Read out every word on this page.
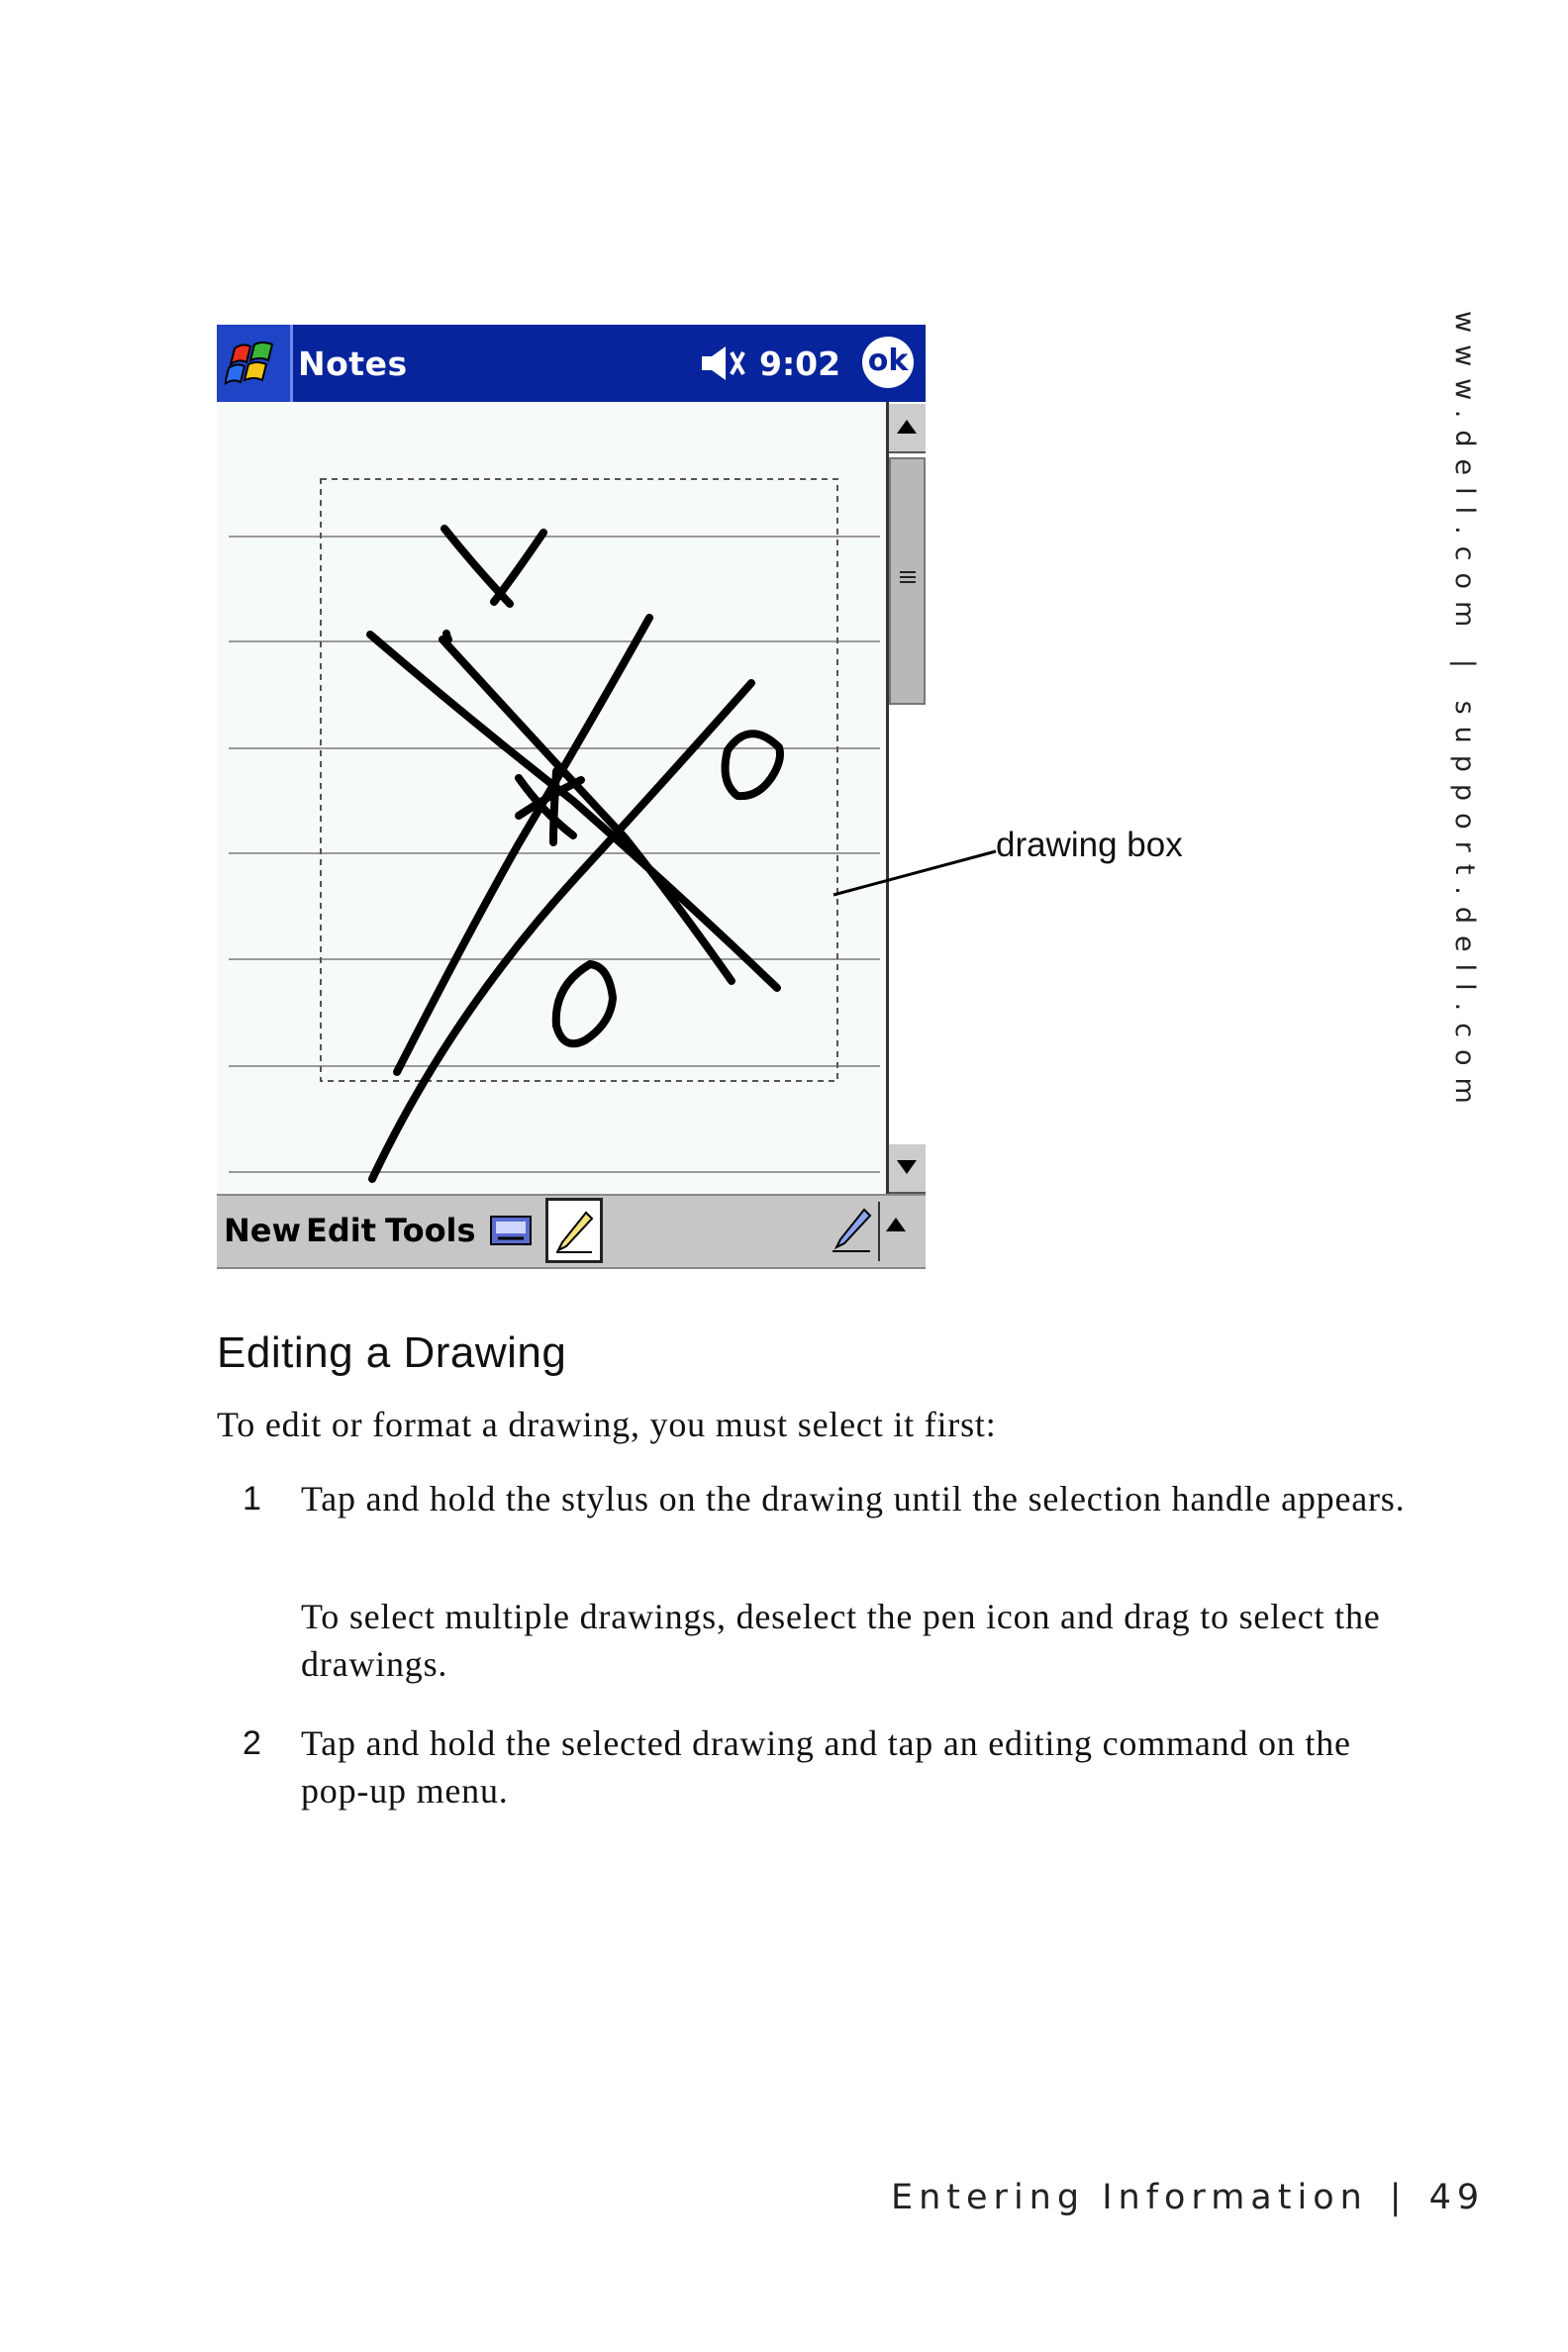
Notes	9:02 ok
New Edit Tools
drawing box	www.dell.com | support.dell.com
Editing a Drawing
To edit or format a drawing, you must select it first:
1 Tap and hold the stylus on the drawing until the selection handle appears.
To select multiple drawings, deselect the pen icon and drag to select the drawings.
2 Tap and hold the selected drawing and tap an editing command on the pop-up menu.
Entering Information | 49
